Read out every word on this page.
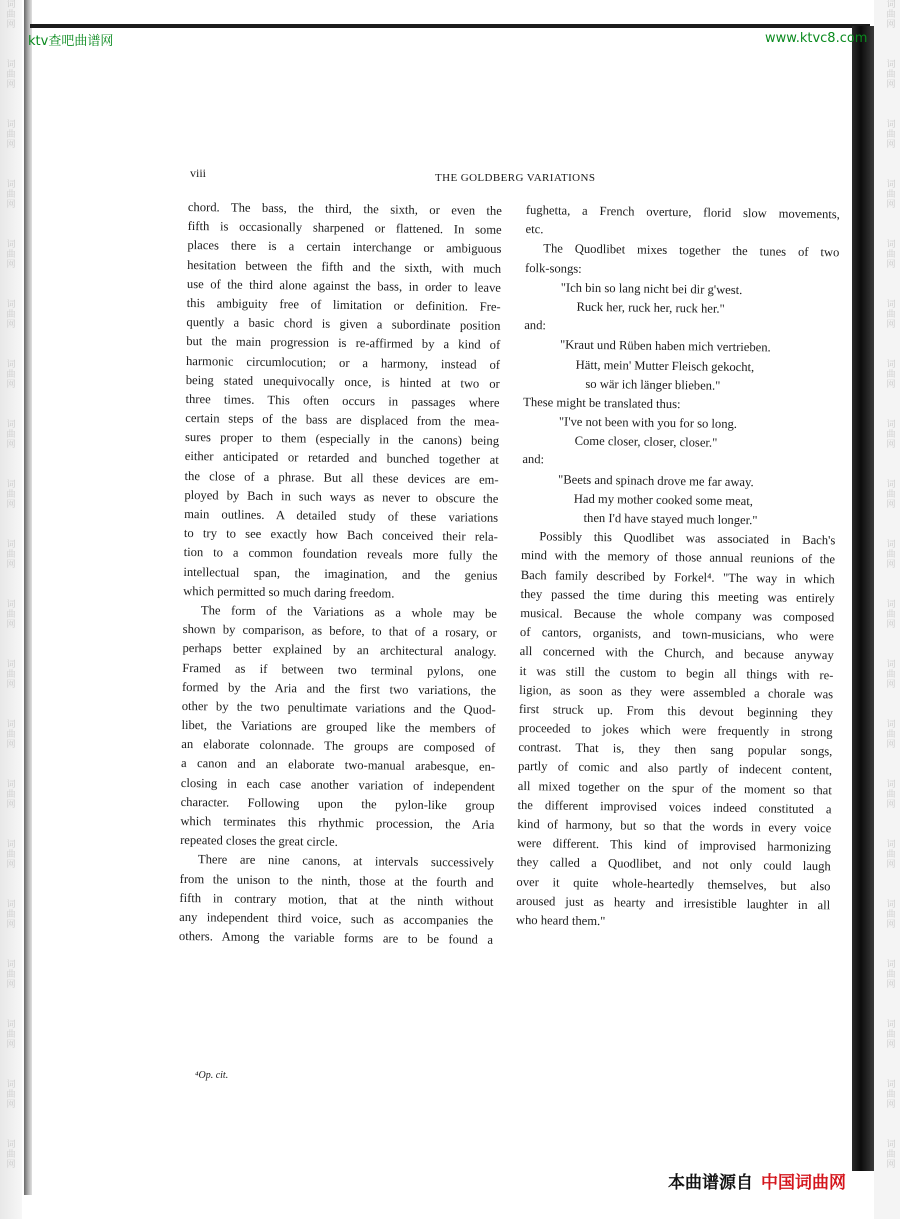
词
曲
网
词
曲
网
词
曲
网
词
曲
网
词
曲
网
词
曲
网
词
曲
网
词
曲
网
词
曲
网
词
曲
网
词
曲
网
词
曲
网
词
曲
网
词
曲
网
词
曲
网
词
曲
网
词
曲
网
词
曲
网
词
曲
网
词
曲
网
词
曲
网
词
曲
网
词
曲
网
词
曲
网
词
曲
网
词
曲
网
词
曲
网
词
曲
网
词
曲
网
词
曲
网
词
曲
网
词
曲
网
词
曲
网
词
曲
网
词
曲
网
词
曲
网
词
曲
网
词
曲
网
词
曲
网
词
曲
网
ktv查吧曲谱网	www.ktvc8.com
本曲谱源自 中国词曲网
viii	THE GOLDBERG VARIATIONS
chord. The bass, the third, the sixth, or even the
fifth is occasionally sharpened or flattened. In some
places there is a certain interchange or ambiguous
hesitation between the fifth and the sixth, with much
use of the third alone against the bass, in order to leave
this ambiguity free of limitation or definition. Fre-
quently a basic chord is given a subordinate position
but the main progression is re-affirmed by a kind of
harmonic circumlocution; or a harmony, instead of
being stated unequivocally once, is hinted at two or
three times. This often occurs in passages where
certain steps of the bass are displaced from the mea-
sures proper to them (especially in the canons) being
either anticipated or retarded and bunched together at
the close of a phrase. But all these devices are em-
ployed by Bach in such ways as never to obscure the
main outlines. A detailed study of these variations
to try to see exactly how Bach conceived their rela-
tion to a common foundation reveals more fully the
intellectual span, the imagination, and the genius
which permitted so much daring freedom.
The form of the Variations as a whole may be
shown by comparison, as before, to that of a rosary, or
perhaps better explained by an architectural analogy.
Framed as if between two terminal pylons, one
formed by the Aria and the first two variations, the
other by the two penultimate variations and the Quod-
libet, the Variations are grouped like the members of
an elaborate colonnade. The groups are composed of
a canon and an elaborate two-manual arabesque, en-
closing in each case another variation of independent
character. Following upon the pylon-like group
which terminates this rhythmic procession, the Aria
repeated closes the great circle.
There are nine canons, at intervals successively
from the unison to the ninth, those at the fourth and
fifth in contrary motion, that at the ninth without
any independent third voice, such as accompanies the
others. Among the variable forms are to be found a
fughetta, a French overture, florid slow movements,
etc.
The Quodlibet mixes together the tunes of two
folk-songs:
"Ich bin so lang nicht bei dir g'west.
Ruck her, ruck her, ruck her."
and:
"Kraut und Rüben haben mich vertrieben.
Hätt, mein' Mutter Fleisch gekocht,
so wär ich länger blieben."
These might be translated thus:
"I've not been with you for so long.
Come closer, closer, closer."
and:
"Beets and spinach drove me far away.
Had my mother cooked some meat,
then I'd have stayed much longer."
Possibly this Quodlibet was associated in Bach's
mind with the memory of those annual reunions of the
Bach family described by Forkel⁴. "The way in which
they passed the time during this meeting was entirely
musical. Because the whole company was composed
of cantors, organists, and town-musicians, who were
all concerned with the Church, and because anyway
it was still the custom to begin all things with re-
ligion, as soon as they were assembled a chorale was
first struck up. From this devout beginning they
proceeded to jokes which were frequently in strong
contrast. That is, they then sang popular songs,
partly of comic and also partly of indecent content,
all mixed together on the spur of the moment so that
the different improvised voices indeed constituted a
kind of harmony, but so that the words in every voice
were different. This kind of improvised harmonizing
they called a Quodlibet, and not only could laugh
over it quite whole-heartedly themselves, but also
aroused just as hearty and irresistible laughter in all
who heard them."
⁴Op. cit.
